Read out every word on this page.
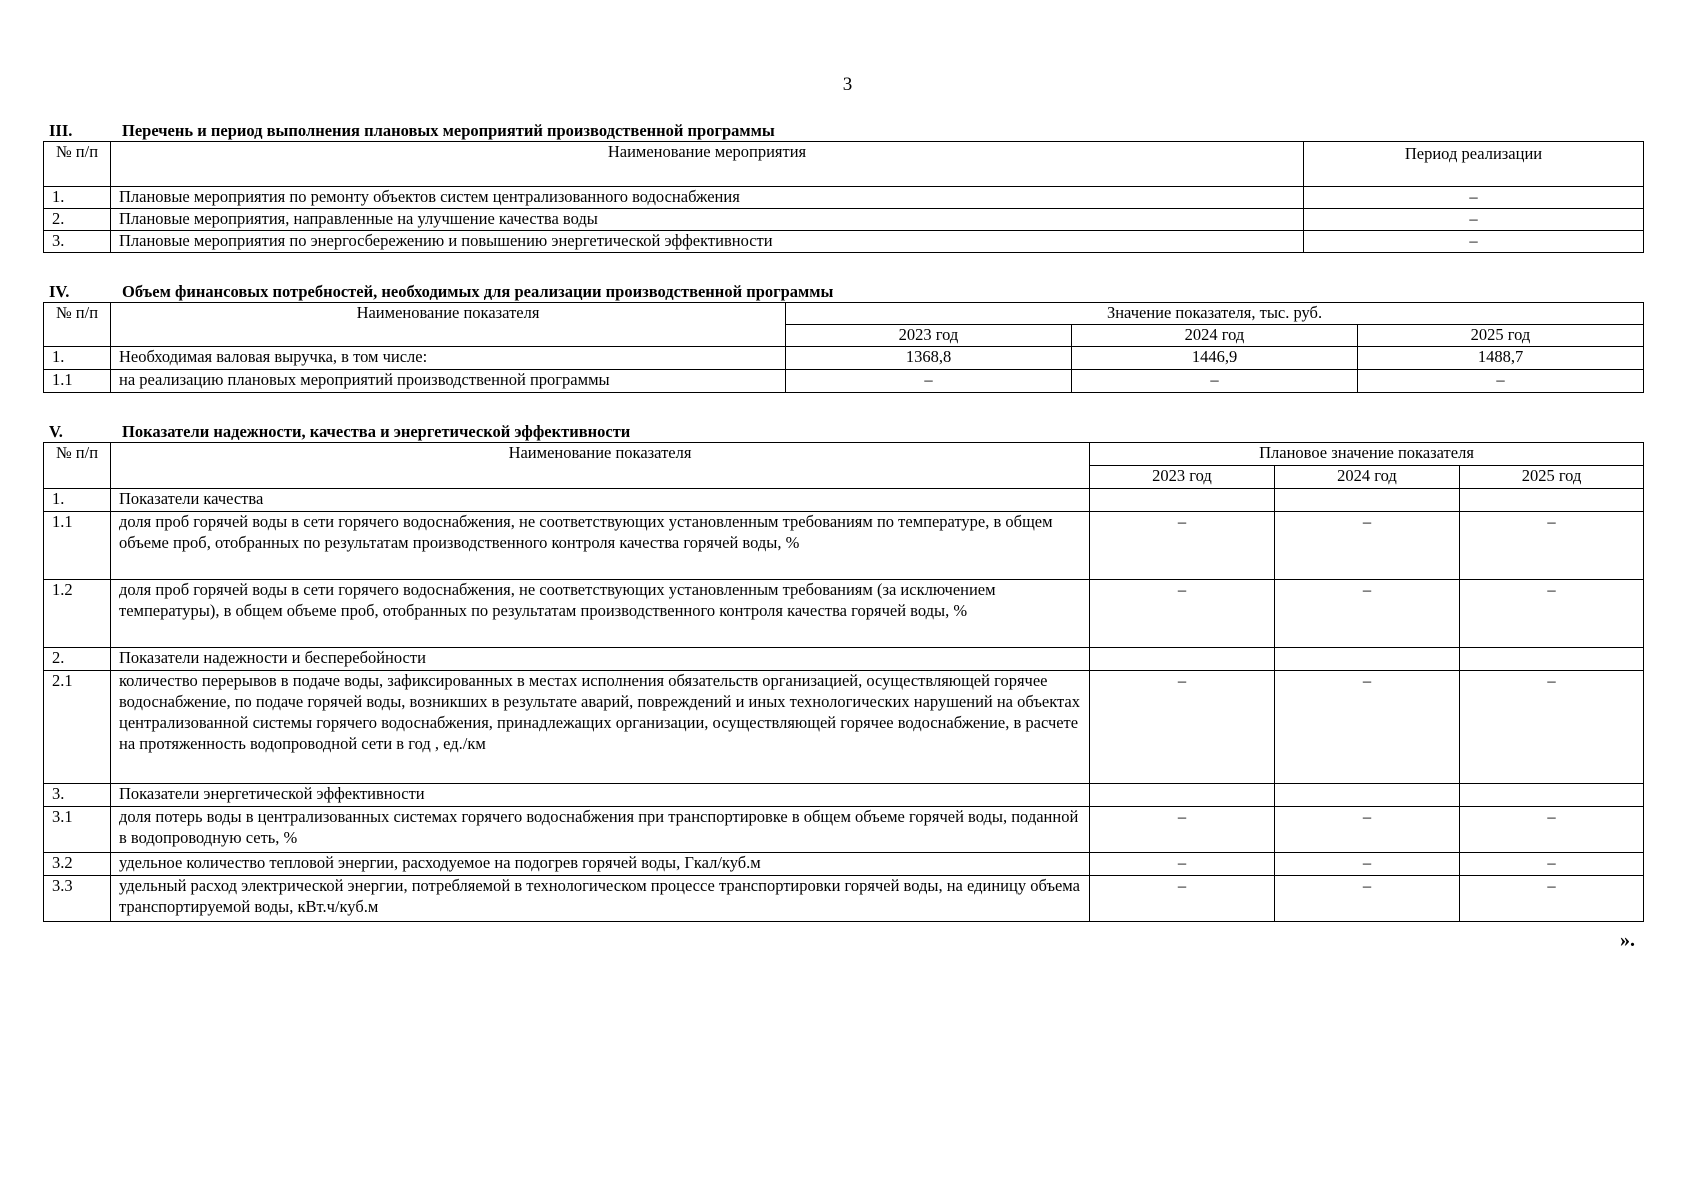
3
III.	Перечень и период выполнения плановых мероприятий производственной программы
№ п/п	Наименование мероприятия	Период реализации
1.	Плановые мероприятия по ремонту объектов систем централизованного водоснабжения	–
2.	Плановые мероприятия, направленные на улучшение качества воды	–
3.	Плановые мероприятия по энергосбережению и повышению энергетической эффективности	–
IV.	Объем финансовых потребностей, необходимых для реализации производственной программы
№ п/п	Наименование показателя	Значение показателя, тыс. руб.		
		2023 год	2024 год	2025 год
1.	Необходимая валовая выручка, в том числе:	1368,8	1446,9	1488,7
1.1	на реализацию плановых мероприятий производственной программы	–	–	–
V.	Показатели надежности, качества и энергетической эффективности
№ п/п	Наименование показателя	Плановое значение показателя		
		2023 год	2024 год	2025 год
1.	Показатели качества			
1.1	доля проб горячей воды в сети горячего водоснабжения, не соответствующих установленным требованиям по температуре, в общем объеме проб, отобранных по результатам производственного контроля качества горячей воды, %	–	–	–
1.2	доля проб горячей воды в сети горячего водоснабжения, не соответствующих установленным требованиям (за исключением температуры), в общем объеме проб, отобранных по результатам производственного контроля качества горячей воды, %	–	–	–
2.	Показатели надежности и бесперебойности			
2.1	количество перерывов в подаче воды, зафиксированных в местах исполнения обязательств организацией, осуществляющей горячее водоснабжение, по подаче горячей воды, возникших в результате аварий, повреждений и иных технологических нарушений на объектах централизованной системы горячего водоснабжения, принадлежащих организации, осуществляющей горячее водоснабжение, в расчете на протяженность водопроводной сети в год , ед./км	–	–	–
3.	Показатели энергетической эффективности			
3.1	доля потерь воды в централизованных системах горячего водоснабжения при транспортировке в общем объеме горячей воды, поданной в водопроводную сеть, %	–	–	–
3.2	удельное количество тепловой энергии, расходуемое на подогрев горячей воды, Гкал/куб.м	–	–	–
3.3	удельный расход электрической энергии, потребляемой в технологическом процессе транспортировки горячей воды, на единицу объема транспортируемой воды, кВт.ч/куб.м	–	–	–
».
